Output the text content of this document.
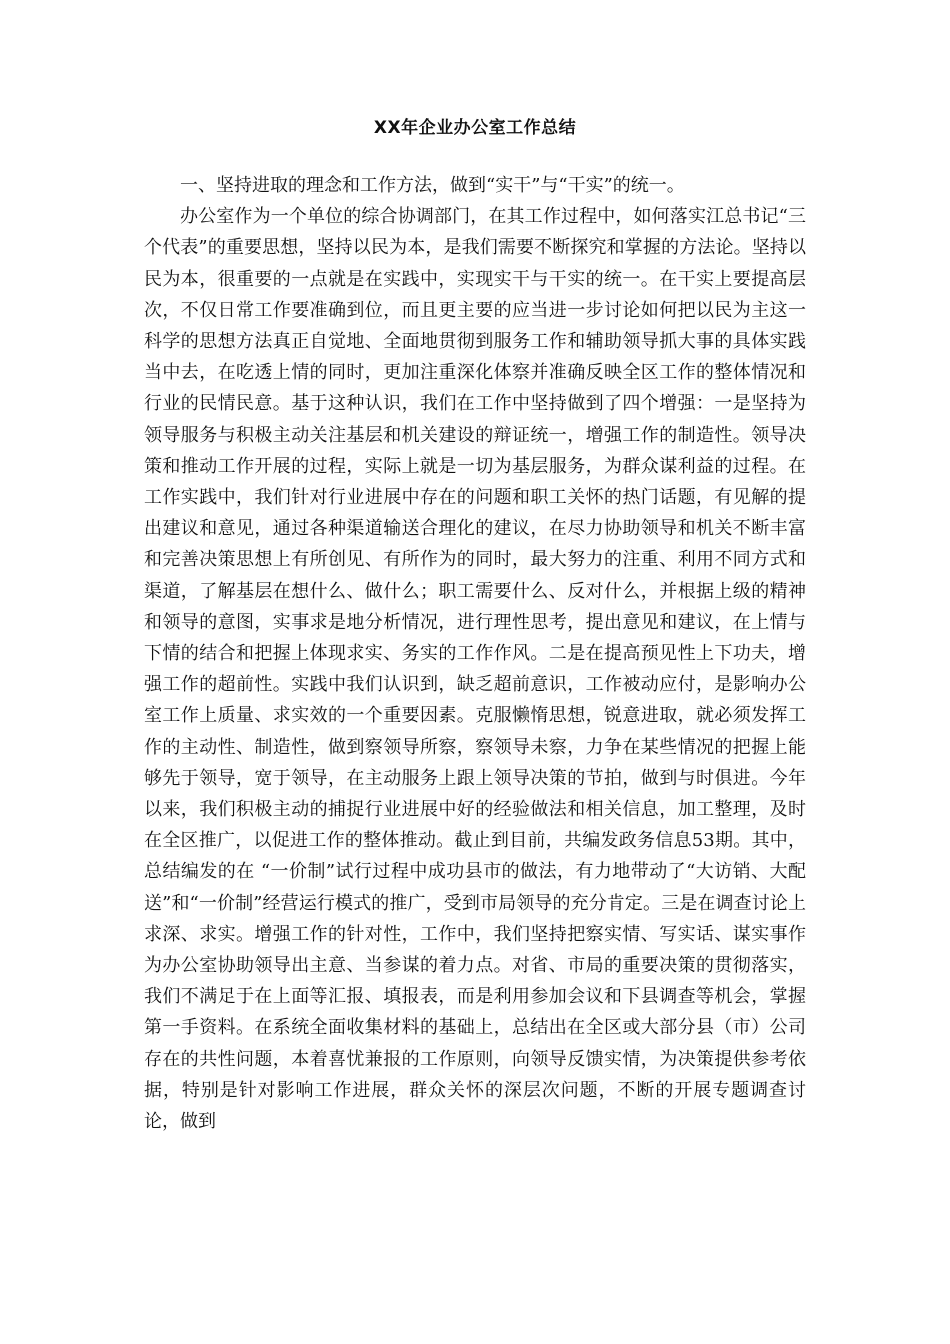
XX年企业办公室工作总结

一、坚持进取的理念和工作方法，做到“实干”与“干实”的统一。

办公室作为一个单位的综合协调部门，在其工作过程中，如何落实江总书记“三个代表”的重要思想，坚持以民为本，是我们需要不断探究和掌握的方法论。坚持以民为本，很重要的一点就是在实践中，实现实干与干实的统一。在干实上要提高层次，不仅日常工作要准确到位，而且更主要的应当进一步讨论如何把以民为主这一科学的思想方法真正自觉地、全面地贯彻到服务工作和辅助领导抓大事的具体实践当中去，在吃透上情的同时，更加注重深化体察并准确反映全区工作的整体情况和行业的民情民意。基于这种认识，我们在工作中坚持做到了四个增强：一是坚持为领导服务与积极主动关注基层和机关建设的辩证统一，增强工作的制造性。领导决策和推动工作开展的过程，实际上就是一切为基层服务，为群众谋利益的过程。在工作实践中，我们针对行业进展中存在的问题和职工关怀的热门话题，有见解的提出建议和意见，通过各种渠道输送合理化的建议，在尽力协助领导和机关不断丰富和完善决策思想上有所创见、有所作为的同时，最大努力的注重、利用不同方式和渠道，了解基层在想什么、做什么；职工需要什么、反对什么，并根据上级的精神和领导的意图，实事求是地分析情况，进行理性思考，提出意见和建议，在上情与下情的结合和把握上体现求实、务实的工作作风。二是在提高预见性上下功夫，增强工作的超前性。实践中我们认识到，缺乏超前意识，工作被动应付，是影响办公室工作上质量、求实效的一个重要因素。克服懒惰思想，锐意进取，就必须发挥工作的主动性、制造性，做到察领导所察，察领导未察，力争在某些情况的把握上能够先于领导，宽于领导，在主动服务上跟上领导决策的节拍，做到与时俱进。今年以来，我们积极主动的捕捉行业进展中好的经验做法和相关信息，加工整理，及时在全区推广，以促进工作的整体推动。截止到目前，共编发政务信息53期。其中，总结编发的在 “一价制”试行过程中成功县市的做法，有力地带动了“大访销、大配送”和“一价制”经营运行模式的推广，受到市局领导的充分肯定。三是在调查讨论上求深、求实。增强工作的针对性，工作中，我们坚持把察实情、写实话、谋实事作为办公室协助领导出主意、当参谋的着力点。对省、市局的重要决策的贯彻落实，我们不满足于在上面等汇报、填报表，而是利用参加会议和下县调查等机会，掌握第一手资料。在系统全面收集材料的基础上，总结出在全区或大部分县（市）公司存在的共性问题，本着喜忧兼报的工作原则，向领导反馈实情，为决策提供参考依据，特别是针对影响工作进展，群众关怀的深层次问题，不断的开展专题调查讨论，做到
